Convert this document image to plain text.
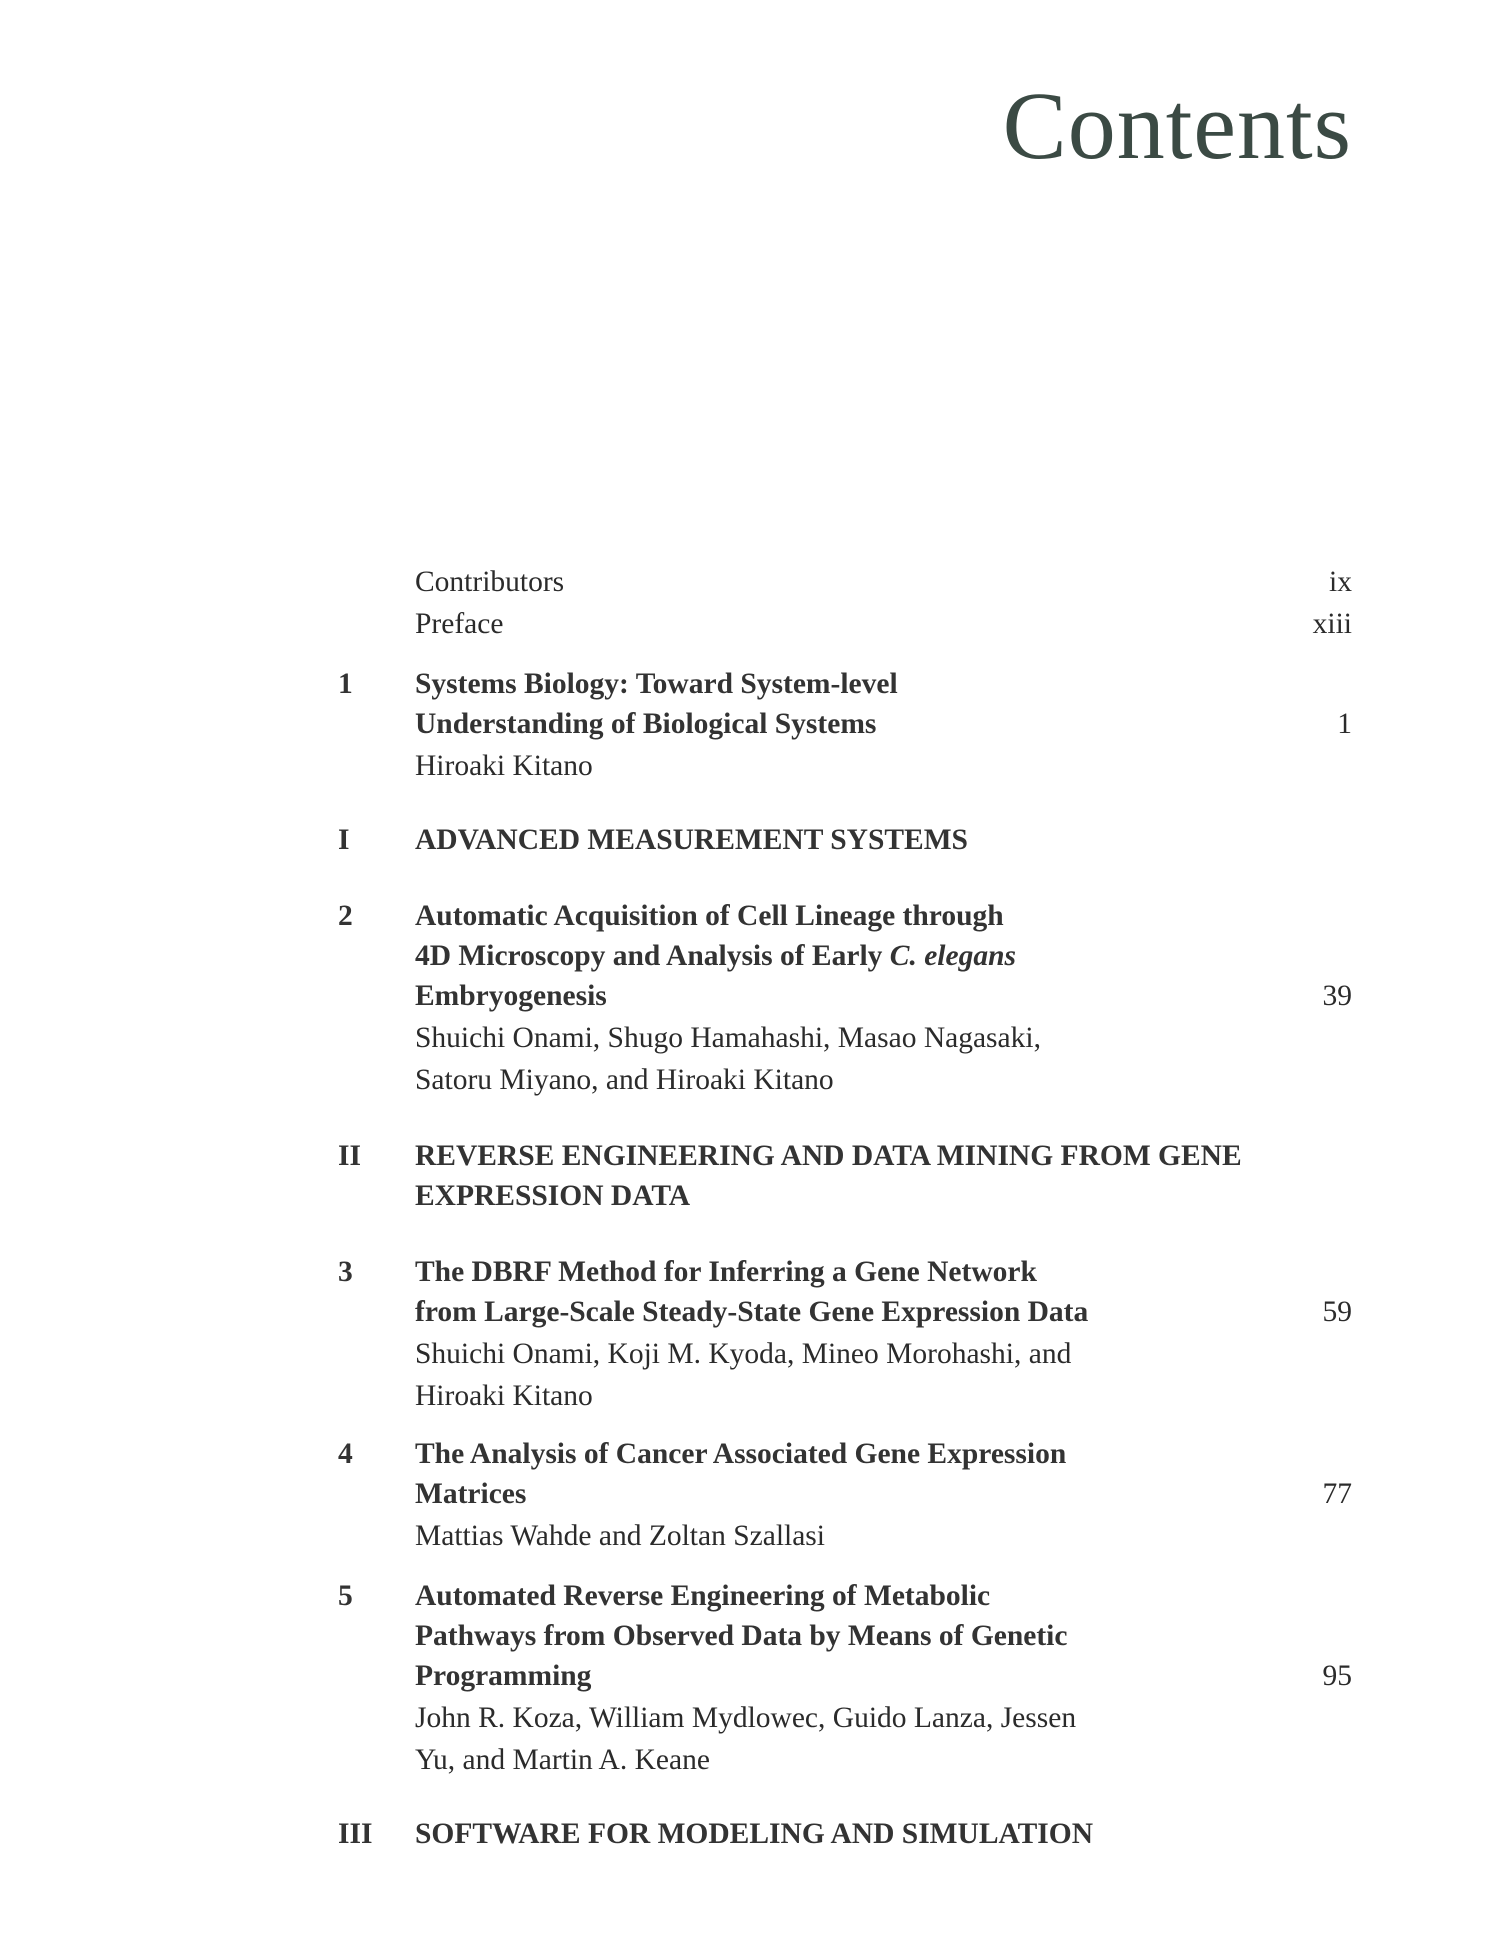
Contents
Contributors	ix
Preface	xiii
1 Systems Biology: Toward System-level
Understanding of Biological Systems	1
Hiroaki Kitano
I ADVANCED MEASUREMENT SYSTEMS
2 Automatic Acquisition of Cell Lineage through
4D Microscopy and Analysis of Early C. elegans
Embryogenesis	39
Shuichi Onami, Shugo Hamahashi, Masao Nagasaki,
Satoru Miyano, and Hiroaki Kitano
II REVERSE ENGINEERING AND DATA MINING FROM GENE
EXPRESSION DATA
3 The DBRF Method for Inferring a Gene Network
from Large-Scale Steady-State Gene Expression Data	59
Shuichi Onami, Koji M. Kyoda, Mineo Morohashi, and
Hiroaki Kitano
4 The Analysis of Cancer Associated Gene Expression
Matrices	77
Mattias Wahde and Zoltan Szallasi
5 Automated Reverse Engineering of Metabolic
Pathways from Observed Data by Means of Genetic
Programming	95
John R. Koza, William Mydlowec, Guido Lanza, Jessen
Yu, and Martin A. Keane
III SOFTWARE FOR MODELING AND SIMULATION
